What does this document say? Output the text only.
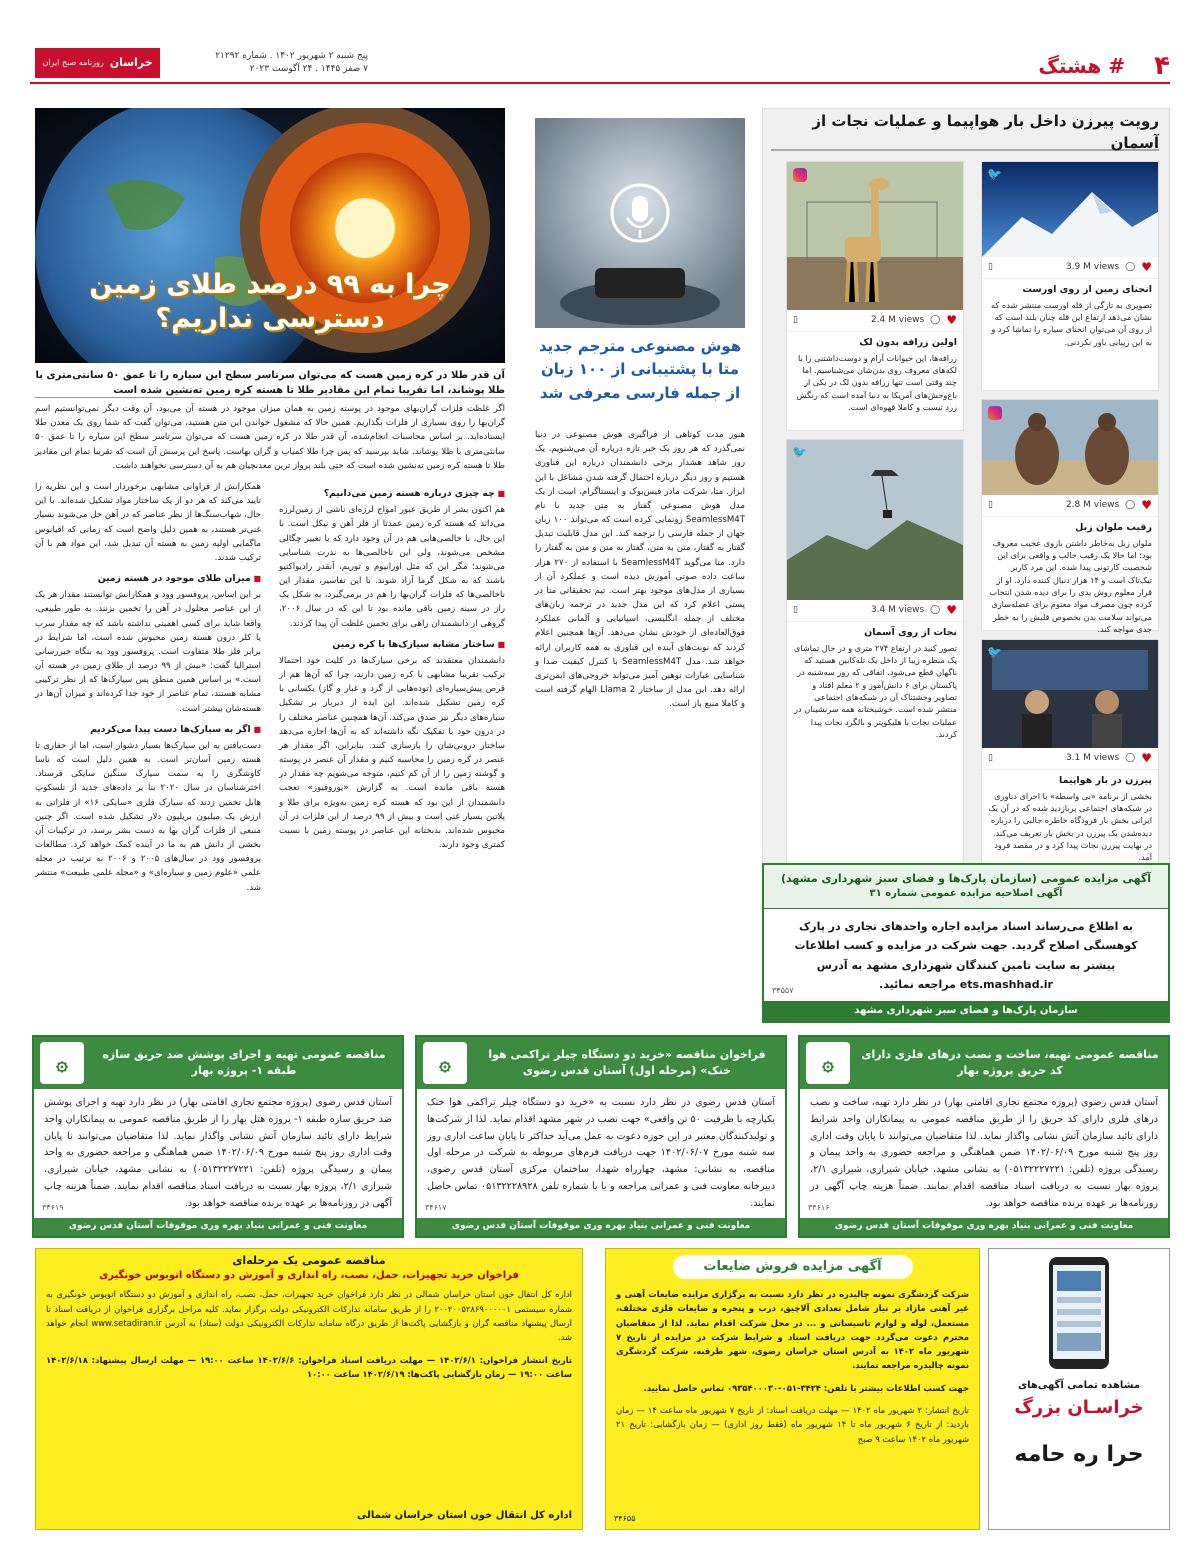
۴
# هشتگ
خراسان
روزنامه صبح ایران
پنج شنبه ۲ شهریور ۱۴۰۲ . شماره ۲۱۲۹۲
۷ صفر ۱۴۴۵ . ۲۴ آگوست ۲۰۲۳
رویت پیرزن داخل بار هواپیما و عملیات نجات از آسمان
🐦
▯	3.9 M views ◯ ♥
انحنای زمین از روی اورست
تصویری به تازگی از قله اورست منتشر شده که نشان می‌دهد ارتفاع این قله چنان بلند است که از روی آن می‌توان انحنای سیاره را تماشا کرد و به این زیبایی باور نکردنی.
▯	2.4 M views ◯ ♥
اولین زرافه بدون لک
زرافه‌ها، این حیوانات آرام و دوست‌داشتنی را با لکه‌های معروف روی بدن‌شان می‌شناسیم. اما چند وقتی است تنها زرافه بدون لک در یکی از باغ‌وحش‌های آمریکا به دنیا آمده است که رنگش زرد تیست و کاملا قهوه‌ای است.
▯	2.8 M views ◯ ♥
رقیب ملوان زبل
ملوان زبل به‌خاطر داشتن بازوی عجیب معروف بود؛ اما حالا یک رقیب جالب و واقعی برای این شخصیت کارتونی پیدا شده. این مرد کاربر تیک‌تاک است و ۱۴ هزار دنبال کننده دارد. او از قرار معلوم روش بدی را برای دیده شدن انتخاب کرده چون مصرف مواد معتوم برای عضله‌سازی می‌تواند سلامت بدن بخصوص قلبش را به خطر جدی مواجه کند.
🐦
▯	3.4 M views ◯ ♥
نجات از روی آسمان
تصور کنید در ارتفاع ۲۷۴ متری و در حال تماشای یک منظره زیبا از داخل یک تله‌کابین هستید که ناگهان قطع می‌شود. اتفاقی که روز سه‌شنبه در پاکستان برای ۶ دانش‌آموز و ۲ معلم افتاد و تصاویر وحشتناک آن در شبکه‌های اجتماعی منتشر شده است. خوشبختانه همه سرنشینان در عملیات نجات با هلیکوپتر و بالگرد نجات پیدا کردند.
🐦
▯	3.1 M views ◯ ♥
پیرزن در بار هواپیما
بخشی از برنامه «بی واسطه» با اجرای دناوری در شبکه‌های اجتماعی پربازدید شده که در آن یک ایرانی بخش بار فرودگاه خاطره جالبی را درباره دیده‌شدن یک پیرزن در بخش بار تعریف می‌کند. در نهایت پیرزن نجات پیدا کرد و در مقصد فرود آمد.
هوش مصنوعی مترجم جدید متا با پشتیبانی از ۱۰۰ زبان از جمله فارسی معرفی شد
هنوز مدت کوتاهی از فراگیری هوش مصنوعی در دنیا نمی‌گذرد که هر روز یک خبر تازه درباره آن می‌شنویم. یک روز شاهد هشدار برخی دانشمندان درباره این فناوری هستیم و روز دیگر درباره احتمال گرفته شدن مشاغل با این ابزار. متا، شرکت مادر فیس‌بوک و اینستاگرام، است از یک مدل هوش مصنوعی گفتار به متن جدید با نام SeamlessM4T رونمایی کرده است که می‌تواند ۱۰۰ زبان جهان از جمله فارسی را ترجمه کند. این مدل قابلیت تبدیل گفتار به گفتار، متن به متن، گفتار به متن و متن به گفتار را دارد. متا می‌گوید SeamlessM4T با استفاده از ۲۷۰ هزار ساعت داده صوتی آموزش دیده است و عملکرد آن از بسیاری از مدل‌های موجود بهتر است. تیم تحقیقاتی متا در پستی اعلام کرد که این مدل جدید در ترجمه زبان‌های مختلف از جمله انگلیسی، اسپانیایی و آلمانی عملکرد فوق‌العاده‌ای از خودش نشان می‌دهد. آن‌ها همچنین اعلام کردند که نوبت‌های آینده این فناوری به همه کاربران ارائه خواهد شد. مدل SeamlessM4T با کنترل کیفیت صدا و شناسایی عبارات توهین آمیز می‌تواند خروجی‌های ایمن‌تری ارائه دهد. این مدل از ساختار Llama 2 الهام گرفته است و کاملا منبع باز است.
چرا به ۹۹ درصد طلای زمین دسترسی نداریم؟
آن قدر طلا در کره زمین هست که می‌توان سرتاسر سطح این سیاره را تا عمق ۵۰ سانتی‌متری با طلا پوشاند، اما تقریبا تمام این مقادیر طلا تا هسته کره زمین ته‌نشین شده است
اگر غلظت فلزات گران‌بهای موجود در پوسته زمین به همان میزان موجود در هسته آن می‌بود، آن وقت دیگر نمی‌توانستیم اسم گران‌بها را روی بسیاری از فلزات بگذاریم. همین حالا که مشغول خواندن این متن هستید، می‌توان گفت که شما روی یک معدن طلا ایستاده‌اید. بر اساس محاسبات انجام‌شده، آن قدر طلا در کره زمین هست که می‌توان سرتاسر سطح این سیاره را تا عمق ۵۰ سانتی‌متری با طلا پوشاند. شاید بپرسید که پس چرا طلا کمیاب و گران بهاست. پاسخ این پرسش آن است که تقریبا تمام این مقادیر طلا تا هسته کره زمین ته‌نشین شده است که حتی بلند پرواز ترین معدنچیان هم به آن دسترسی نخواهند داشت.
■ چه چیزی درباره هسته زمین می‌دانیم؟

هم اکنون بشر از طریق عبور امواج لرزه‌ای ناشی از زمین‌لرزه می‌داند که هسته کره زمین عمدتا از فلز آهن و نیکل است. با این حال، نا خالصی‌هایی هم در آن وجود دارد که با تغییر چگالی مشخص می‌شوند، ولی این ناخالصی‌ها به ندرت شناسایی می‌شوند؛ مگر این که مثل اورانیوم و توریم، آنقدر رادیواکتیو باشند که به شکل گرما آزاد شوند. با این تفاسیر، مقدار این ناخالصی‌ها که فلزات گران‌بها را هم در برمی‌گیرد، به شکل یک راز در سینه زمین باقی مانده بود تا این که در سال ۲۰۰۶، گروهی از دانشمندان راهی برای تخمین غلظت آن پیدا کردند.

■ ساختار مشابه سیارک‌ها با کره زمین

دانشمندان معتقدند که برخی سیارک‌ها در کلیت خود احتمالا ترکیب تقریبا مشابهی با کره زمین دارند، چرا که آن‌ها هم از قرص پیش‌سیاره‌ای (توده‌هایی از گرد و غبار و گاز) یکسانی با کره زمین تشکیل شده‌اند. این ایده از دیرباز بر تشکیل سیاره‌های دیگر نیز صدق می‌کند. آن‌ها همچنین عناصر مختلف را در درون خود با تفکیک نگه داشته‌اند که به آن‌ها اجازه می‌دهد ساختار درونی‌شان را بازسازی کنند. بنابراین، اگر مقدار هر عنصر در کره زمین را محاسبه کنیم و مقدار آن عنصر در پوسته و گوشته زمین را از آن کم کنیم، متوجه می‌شویم چه مقدار در هسته باقی مانده است. به گزارش «یوروفیوز» تعجب دانشمندان از این بود که هسته کره زمین به‌ویژه برای طلا و پلاتین بسیار غنی است و بیش از ۹۹ درصد از این فلزات در آن محبوس شده‌اند. بدبختانه این عناصر در پوسته زمین با نسبت کمتری وجود دارند.

همکارانش از فراوانی مشابهی برخوردار است و این نظریه را تایید می‌کند که هر دو از یک ساختار مواد تشکیل شده‌اند. با این حال، شهاب‌سنگ‌ها از نظر عناصر که در آهن حل می‌شوند بسیار غنی‌تر هستند، به همین دلیل واضح است که زمانی که اقیانوس ماگمایی اولیه زمین به هسته آن تبدیل شد، این مواد هم با آن ترکیب شدند.

■ میزان طلای موجود در هسته زمین

بر این اساس، پروفسور وود و همکارانش توانستند مقدار هر یک از این عناصر محلول در آهن را تخمین بزنند. به طور طبیعی، واقعا شاید برای کسی اهمیتی نداشته باشد که چه مقدار سرب یا کلر درون هسته زمین محبوس شده است، اما شرایط در برابر فلز طلا متفاوت است. پروفسور وود به بنگاه خبررسانی استرالیا گفت: «بیش از ۹۹ درصد از طلای زمین در هسته آن است.» بر اساس همین منطق پس سیارک‌ها که از نظر ترکیبی مشابه هستند، تمام عناصر از خود جدا کرده‌اند و میزان آن‌ها در هسته‌شان بیشتر است.

■ اگر به سیارک‌ها دست پیدا می‌کردیم

دست‌یافتن به این سیارک‌ها بسیار دشوار است، اما از حفاری تا هسته زمین آسان‌تر است. به همین دلیل است که ناسا کاوشگری را به سمت سیارک سنگین سایکی فرستاد. اخترشناسان در سال ۲۰۲۰ بنا بر داده‌های جدید از تلسکوپ هابل تخمین زدند که سیارک فلزی «سایکی ۱۶» از فلزاتی به ارزش یک میلیون بریلیون دلار تشکیل شده است. اگر چنین منبعی از فلزات گران بها به دست بشر برسد، در ترکیبات آن بخشی از دانش هم به ما در آینده کمک خواهد کرد. مطالعات پروفسور وود در سال‌های ۲۰۰۵ و ۲۰۰۶ به ترتیب در مجله علمی «علوم زمین و سیاره‌ای» و «مجله علمی طبیعت» منتشر شد.

آگهی مزایده عمومی (سازمان پارک‌ها و فضای سبز شهرداری مشهد)
آگهی اصلاحیه مزایده عمومی شماره ۳۱
به اطلاع می‌رساند اسناد مزایده اجاره واحدهای تجاری در پارک کوهسنگی اصلاح گردید. جهت شرکت در مزایده و کسب اطلاعات بیشتر به سایت تامین کنندگان شهرداری مشهد به آدرس ets.mashhad.ir مراجعه نمائید.
سازمان پارک‌ها و فضای سبز شهرداری مشهد
۳۴۵۵۷
۞	مناقصه عمومی تهیه، ساخت و نصب درهای فلزی دارای کد حریق پروژه بهار
آستان قدس رضوی (پروژه مجتمع تجاری اقامتی بهار) در نظر دارد تهیه، ساخت و نصب درهای فلزی دارای کد حریق را از طریق مناقصه عمومی به پیمانکاران واجد شرایط دارای تائید سازمان آتش نشانی واگذار نماید. لذا متقاضیان می‌توانند تا پایان وقت اداری روز پنج شنبه مورخ ۱۴۰۲/۰۶/۰۹ ضمن هماهنگی و مراجعه حضوری به واحد پیمان و رسیدگی پروژه (تلفن: ۰۵۱۳۲۲۲۷۲۲۱) به نشانی مشهد، خیابان شیرازی، شیرازی ۲/۱، پروژه بهار نسبت به دریافت اسناد مناقصه اقدام نمایند. ضمناً هزینه چاپ آگهی در روزنامه‌ها بر عهده برنده مناقصه خواهد بود.
۳۴۶۱۶
معاونت فنی و عمرانی بنیاد بهره وری موقوفات آستان قدس رضوی
۞	فراخوان مناقصه «خرید دو دستگاه چیلر تراکمی هوا خنک» (مرحله اول) آستان قدس رضوی
آستان قدس رضوی در نظر دارد نسبت به «خرید دو دستگاه چیلر تراکمی هوا خنک یکپارچه با ظرفیت ۵۰ تن واقعی» جهت نصب در شهر مشهد اقدام نماید. لذا از شرکت‌ها و تولیدکنندگان معتبر در این حوزه دعوت به عمل می‌آید حداکثر تا پایان ساعت اداری روز سه شنبه مورخ ۱۴۰۲/۰۶/۰۷ جهت دریافت فرم‌های مربوطه به شرکت در مرحله اول مناقصه، به نشانی: مشهد، چهارراه شهدا، ساختمان مرکزی آستان قدس رضوی، دبیرخانه معاونت فنی و عمرانی مراجعه و یا با شماره تلفن ۰۵۱۳۲۲۲۸۹۲۸ تماس حاصل نمایند.
۳۴۶۱۷
معاونت فنی و عمرانی بنیاد بهره وری موقوفات آستان قدس رضوی
۞	مناقصه عمومی تهیه و اجرای پوشش ضد حریق سازه طبقه ۱- پروژه بهار
آستان قدس رضوی (پروژه مجتمع تجاری اقامتی بهار) در نظر دارد تهیه و اجرای پوشش ضد حریق سازه طبقه ۱- پروژه هتل بهار را از طریق مناقصه عمومی به پیمانکاران واجد شرایط دارای تائید سازمان آتش نشانی واگذار نماید. لذا متقاضیان می‌توانند تا پایان وقت اداری روز پنج شنبه مورخ ۱۴۰۲/۰۶/۰۹ ضمن هماهنگی و مراجعه حضوری به واحد پیمان و رسیدگی پروژه (تلفن: ۰۵۱۳۲۲۲۷۲۲۱) به نشانی مشهد، خیابان شیرازی، شیرازی ۲/۱، پروژه بهار نسبت به دریافت اسناد مناقصه اقدام نمایند. ضمناً هزینه چاپ آگهی در روزنامه‌ها بر عهده برنده مناقصه خواهد بود.
۳۴۶۱۹
معاونت فنی و عمرانی بنیاد بهره وری موقوفات آستان قدس رضوی
مشاهده تمامی آگهی‌های
خراسـان بزرگ
حرا ره حامه
آگهی مزایده فروش ضایعات
شرکت گردشگری نمونه چالیدره در نظر دارد نسبت به برگزاری مزایده ضایعات آهنی و غیر آهنی مازاد بر نیاز شامل تعدادی آلاچیق، درب و پنجره و ضایعات فلزی مختلف، مستعمل، لوله و لوازم تاسیساتی و ... در محل شرکت اقدام نماید. لذا از متقاضیان محترم دعوت می‌گردد جهت دریافت اسناد و شرایط شرکت در مزایده از تاریخ ۷ شهریور ماه ۱۴۰۲ به آدرس استان خراسان رضوی، شهر طرقبه، شرکت گردشگری نمونه چالیدره مراجعه نمایند.
جهت کسب اطلاعات بیشتر با تلفن: ۳۴۲۴-۰۵۱-۰۹۳۵۴۰۰۰۳۰ تماس حاصل نمایید.
تاریخ انتشار: ۲ شهریور ماه ۱۴۰۲ — مهلت دریافت اسناد: از تاریخ ۷ شهریور ماه ساعت ۱۴ — زمان بازدید: از تاریخ ۶ شهریور ماه تا ۱۴ شهریور ماه (فقط روز اداری) — زمان بازگشایی: تاریخ ۲۱ شهریور ماه ۱۴۰۲ ساعت ۹ صبح
۳۴۶۵۵
مناقصه عمومی یک مرحله‌ای
فراخوان خرید تجهیزات، حمل، نصب، راه اندازی و آموزش دو دستگاه اتوبوس خونگیری
اداره کل انتقال خون استان خراسان شمالی در نظر دارد فراخوان خرید تجهیزات، حمل، نصب، راه اندازی و آموزش دو دستگاه اتوبوس خونگیری به شماره سیستمی ۲۰۰۲۰۰۵۲۸۶۹۰۰۰۰۰۱ را از طریق سامانه تدارکات الکترونیکی دولت برگزار نماید. کلیه مراحل برگزاری فراخوان از دریافت اسناد تا ارسال پیشنهاد مناقصه گران و بازگشایی پاکت‌ها از طریق درگاه سامانه تدارکات الکترونیکی دولت (ستاد) به آدرس www.setadiran.ir انجام خواهد شد.
تاریخ انتشار فراخوان: ۱۴۰۲/۶/۱ — مهلت دریافت اسناد فراخوان: ۱۴۰۲/۶/۶ ساعت ۱۹:۰۰ — مهلت ارسال پیشنهاد: ۱۴۰۲/۶/۱۸ ساعت ۱۹:۰۰ — زمان بازگشایی پاکت‌ها: ۱۴۰۲/۶/۱۹ ساعت ۱۰:۰۰
اداره کل انتقال خون استان خراسان شمالی
